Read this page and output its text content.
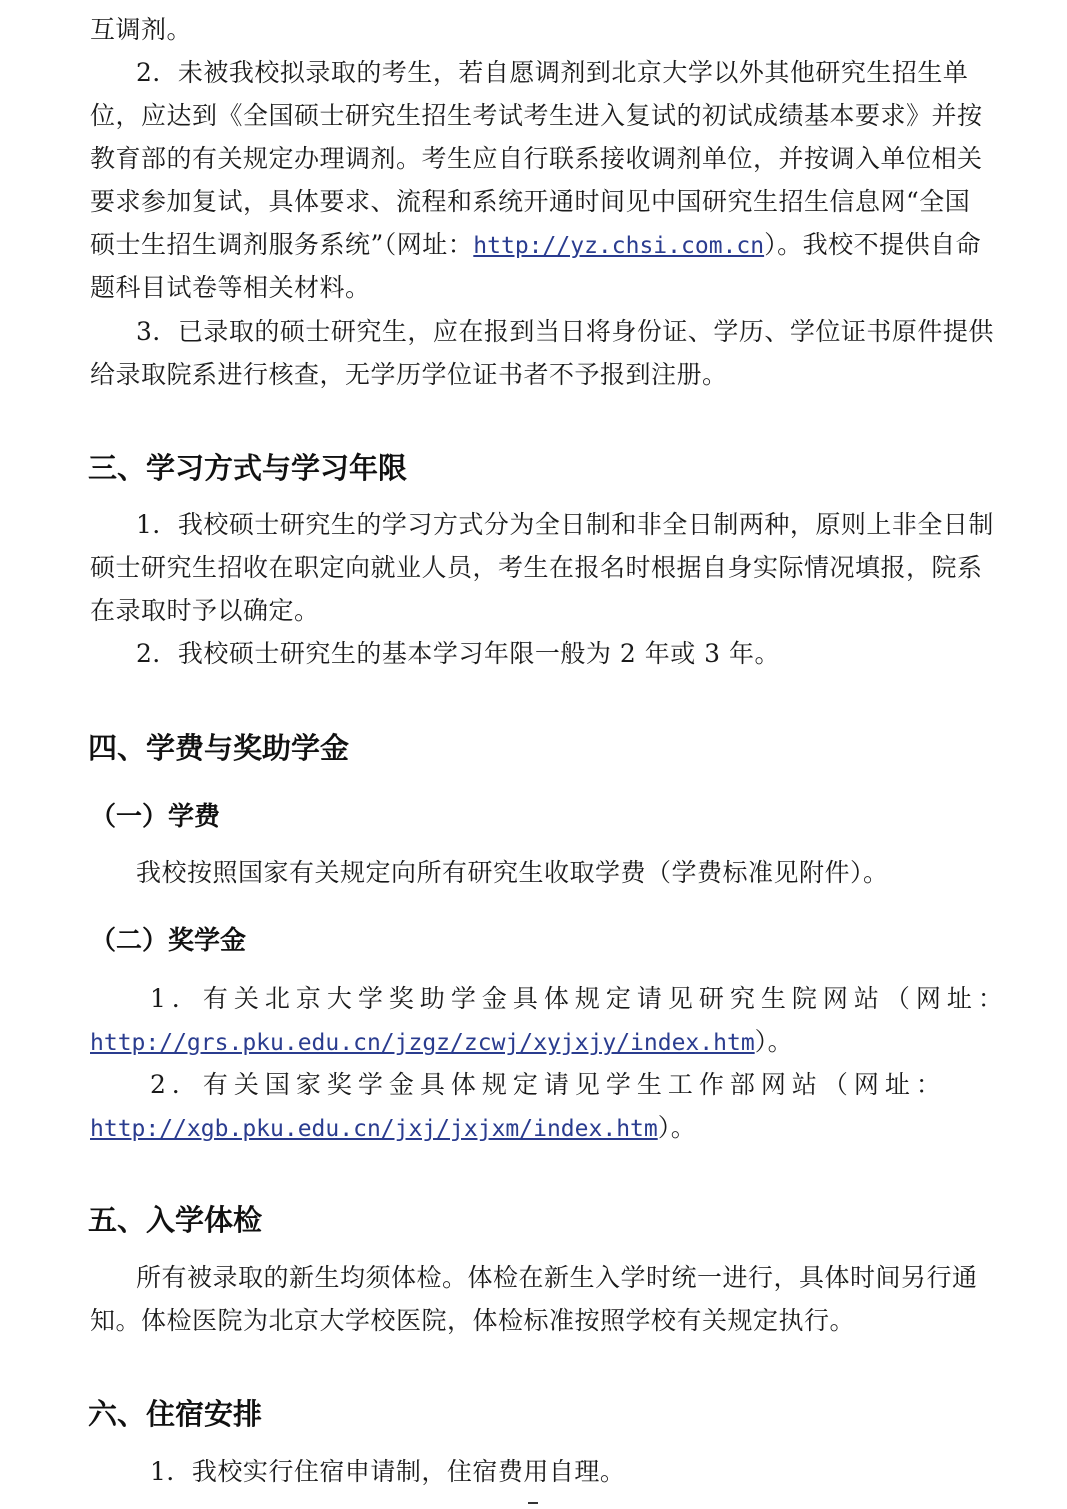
互调剂。
2．未被我校拟录取的考生，若自愿调剂到北京大学以外其他研究生招生单
位，应达到《全国硕士研究生招生考试考生进入复试的初试成绩基本要求》并按
教育部的有关规定办理调剂。考生应自行联系接收调剂单位，并按调入单位相关
要求参加复试，具体要求、流程和系统开通时间见中国研究生招生信息网“全国
硕士生招生调剂服务系统”（网址：http://yz.chsi.com.cn）。我校不提供自命
题科目试卷等相关材料。
3．已录取的硕士研究生，应在报到当日将身份证、学历、学位证书原件提供
给录取院系进行核查，无学历学位证书者不予报到注册。
三、学习方式与学习年限
1．我校硕士研究生的学习方式分为全日制和非全日制两种，原则上非全日制
硕士研究生招收在职定向就业人员，考生在报名时根据自身实际情况填报，院系
在录取时予以确定。
2．我校硕士研究生的基本学习年限一般为 2 年或 3 年。
四、学费与奖助学金
（一）学费
我校按照国家有关规定向所有研究生收取学费（学费标准见附件）。
（二）奖学金
1．有关北京大学奖助学金具体规定请见研究生院网站（网址：
http://grs.pku.edu.cn/jzgz/zcwj/xyjxjy/index.htm）。
2．有关国家奖学金具体规定请见学生工作部网站（网址：
http://xgb.pku.edu.cn/jxj/jxjxm/index.htm）。
五、入学体检
所有被录取的新生均须体检。体检在新生入学时统一进行，具体时间另行通
知。体检医院为北京大学校医院，体检标准按照学校有关规定执行。
六、住宿安排
1．我校实行住宿申请制，住宿费用自理。
